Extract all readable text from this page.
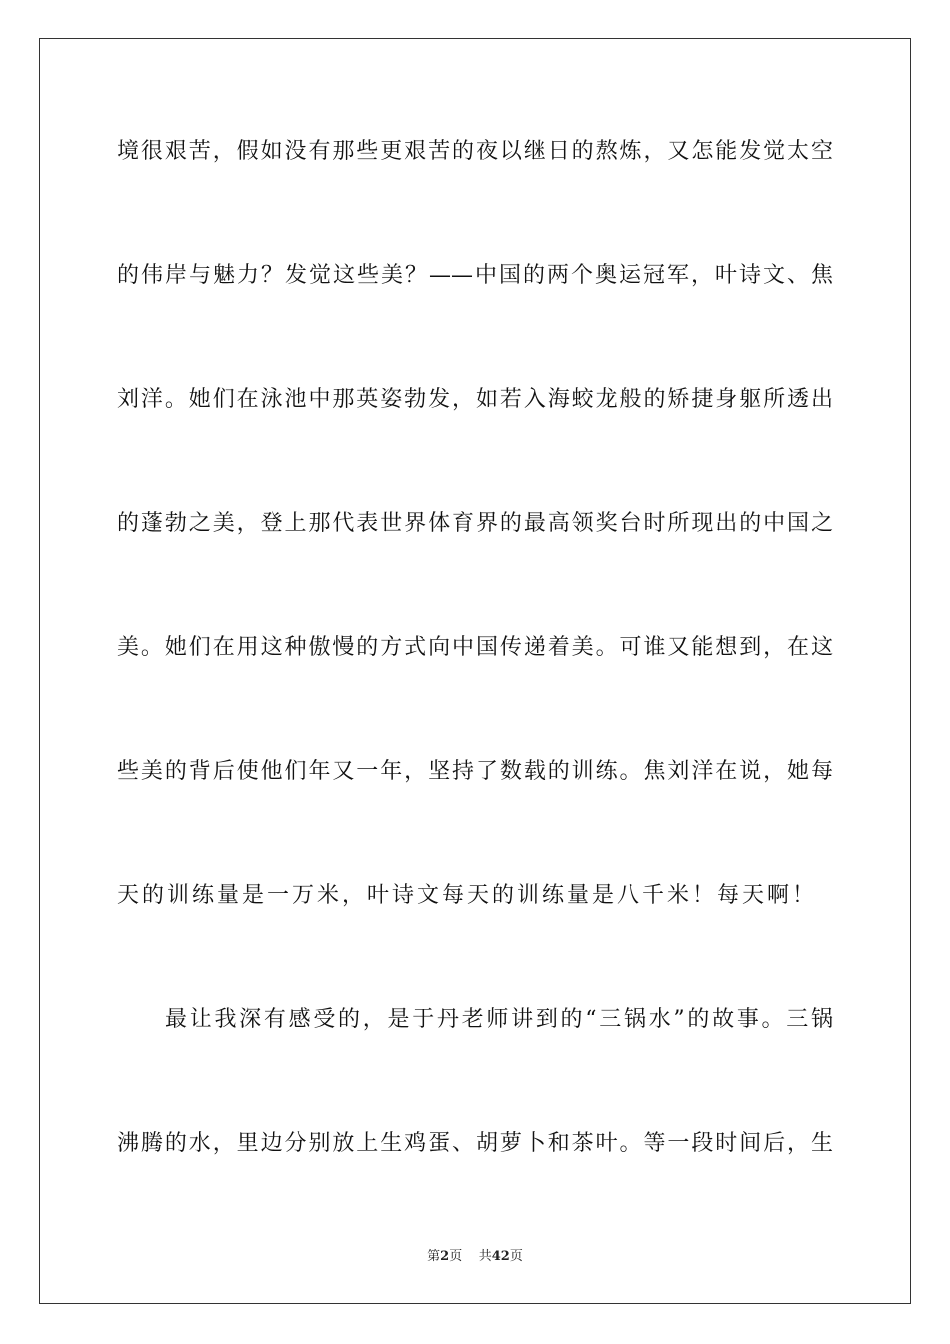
境很艰苦，假如没有那些更艰苦的夜以继日的熬炼，又怎能发觉太空
的伟岸与魅力？发觉这些美？——中国的两个奥运冠军，叶诗文、焦
刘洋。她们在泳池中那英姿勃发，如若入海蛟龙般的矫捷身躯所透出
的蓬勃之美，登上那代表世界体育界的最高领奖台时所现出的中国之
美。她们在用这种傲慢的方式向中国传递着美。可谁又能想到，在这
些美的背后使他们年又一年，坚持了数载的训练。焦刘洋在说，她每
天的训练量是一万米，叶诗文每天的训练量是八千米！每天啊！
最让我深有感受的，是于丹老师讲到的“三锅水”的故事。三锅
沸腾的水，里边分别放上生鸡蛋、胡萝卜和茶叶。等一段时间后，生
第2页 共42页
